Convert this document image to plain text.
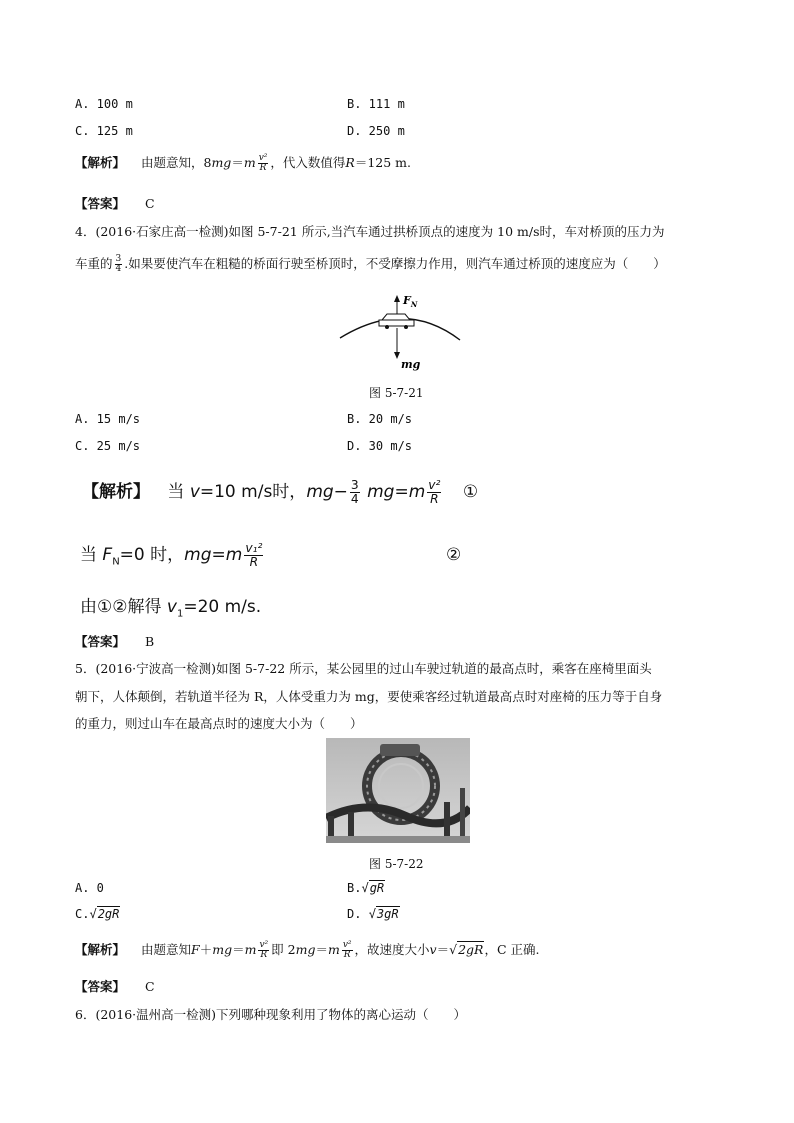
A. 100 m	B. 111 m
C. 125 m	D. 250 m
【解析】 由题意知，$8mg=m \frac{\text{v²}}{R}$ ，代入数值得R＝125 m.
【答案】 C
4．(2016·石家庄高一检测)如图 5-7-21 所示,当汽车通过拱桥顶点的速度为 10 m/s时，车对桥顶的压力为
车重的 $\frac{3}{4}$ .如果要使汽车在粗糙的桥面行驶至桥顶时，不受摩擦力作用，则汽车通过桥顶的速度应为（　　）
$F_N$
mg
图 5-7-21
A. 15 m/s	B. 20 m/s
C. 25 m/s	D. 30 m/s
【解析】 当 v=10 m/s时，$mg- \frac{3}{4} mg=m \frac{\text{v²}}{R}$ ①
当 $F_N=0$ 时，$mg=m \frac{\text{v₁²}}{R}$	②
由①②解得 $v_1=20$ m/s.
【答案】 B
5．(2016·宁波高一检测)如图 5-7-22 所示，某公园里的过山车驶过轨道的最高点时，乘客在座椅里面头
朝下，人体颠倒，若轨道半径为 R，人体受重力为 mg，要使乘客经过轨道最高点时对座椅的压力等于自身
的重力，则过山车在最高点时的速度大小为（　　）
图 5-7-22
A. 0	B.√gR
C.√2gR	D. √3gR
【解析】 由题意知$F+mg=m \frac{\text{v²}}{R}$ 即 $2mg=m \frac{\text{v²}}{R}$ ，故速度大小v＝√2gR，C 正确.
【答案】 C
6．(2016·温州高一检测)下列哪种现象利用了物体的离心运动（　　）
